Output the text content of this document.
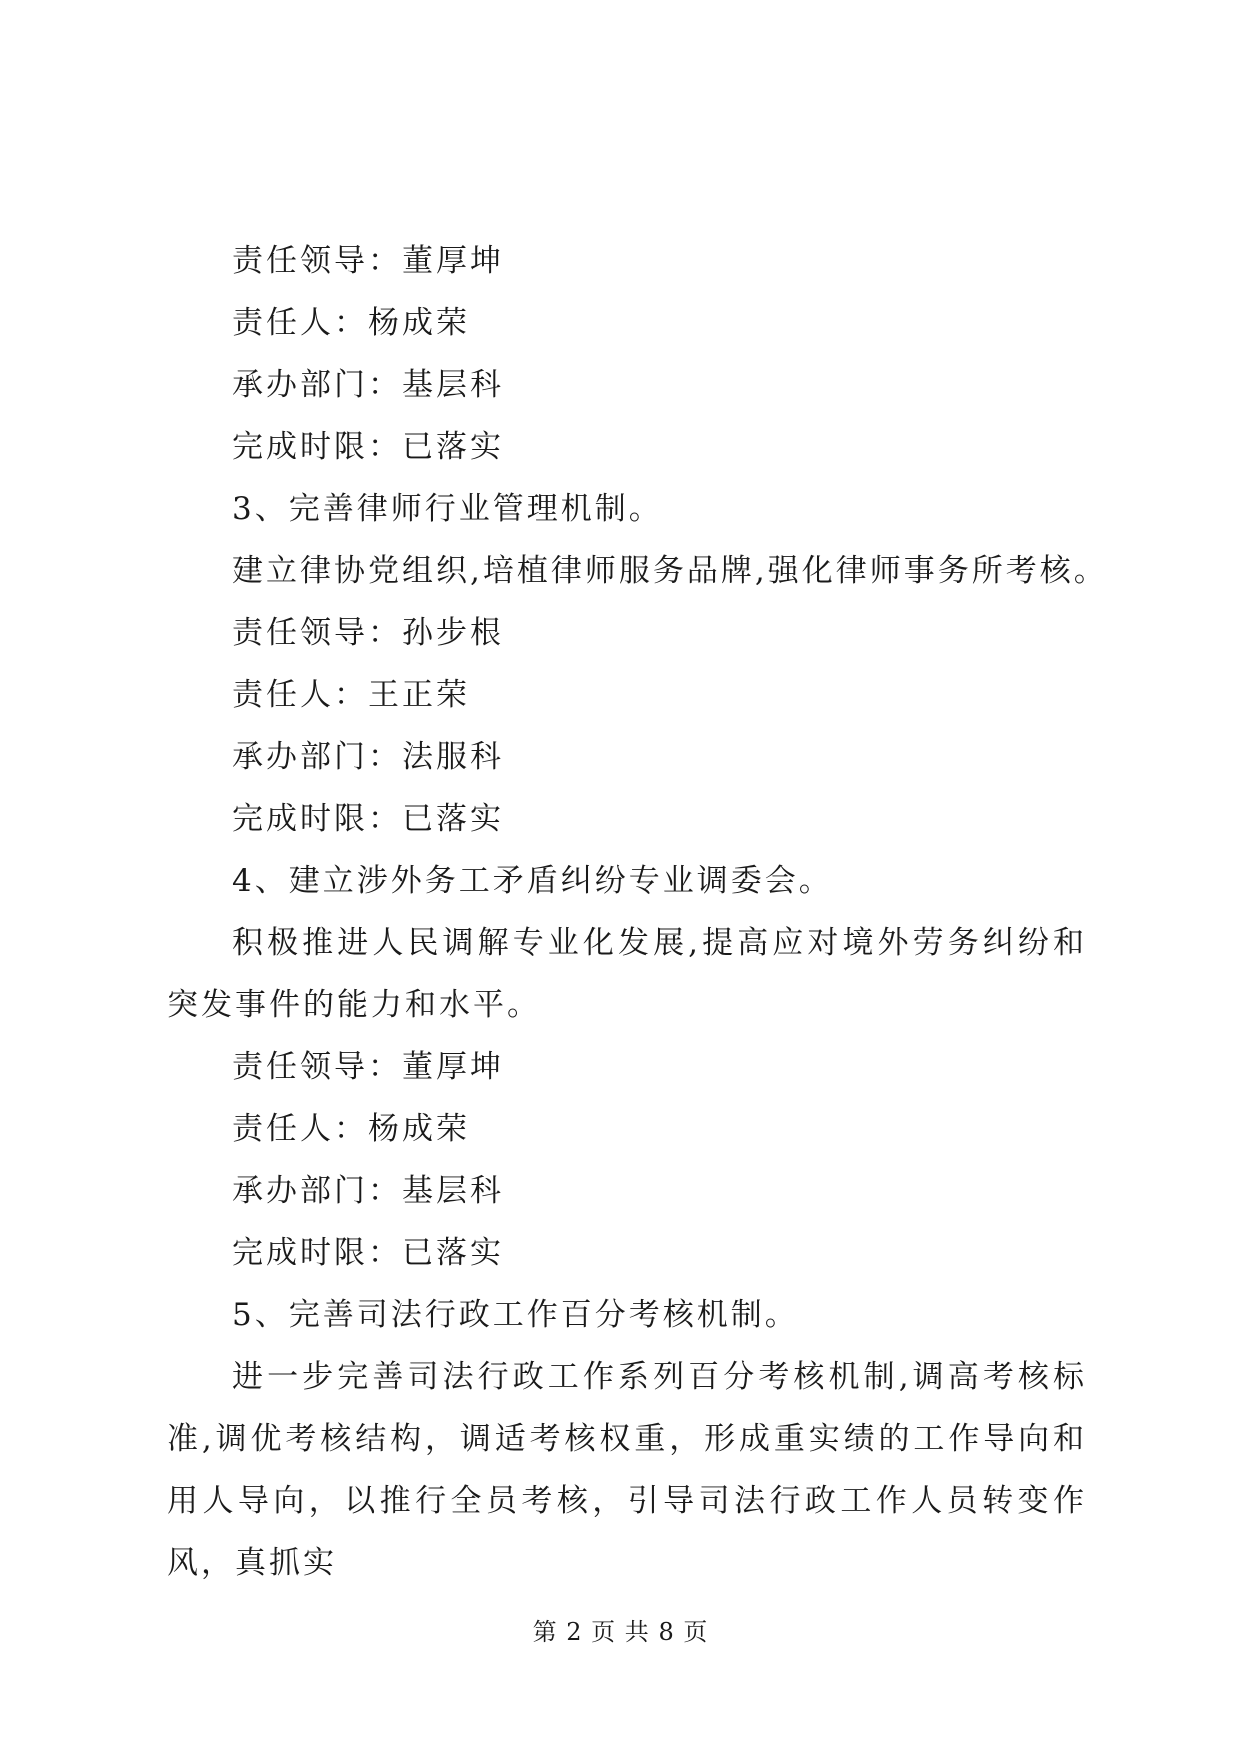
责任领导：董厚坤
责任人：杨成荣
承办部门：基层科
完成时限：已落实
3、完善律师行业管理机制。
建立律协党组织,培植律师服务品牌,强化律师事务所考核。
责任领导：孙步根
责任人：王正荣
承办部门：法服科
完成时限：已落实
4、建立涉外务工矛盾纠纷专业调委会。
积极推进人民调解专业化发展,提高应对境外劳务纠纷和突发事件的能力和水平。
责任领导：董厚坤
责任人：杨成荣
承办部门：基层科
完成时限：已落实
5、完善司法行政工作百分考核机制。
进一步完善司法行政工作系列百分考核机制,调高考核标准,调优考核结构，调适考核权重，形成重实绩的工作导向和用人导向，以推行全员考核，引导司法行政工作人员转变作风，真抓实
第 2 页 共 8 页
